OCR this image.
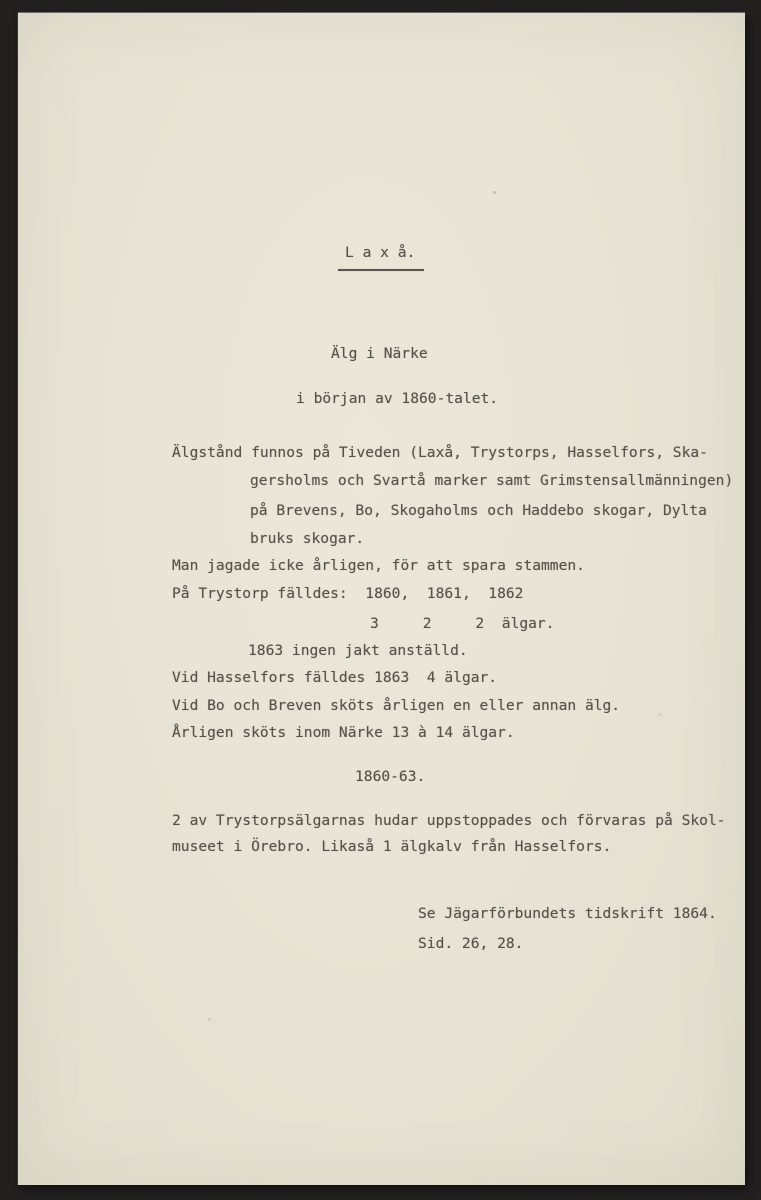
L a x å.
Älg i Närke
i början av 1860-talet.
Älgstånd funnos på Tiveden (Laxå, Trystorps, Hasselfors, Ska-
gersholms och Svartå marker samt Grimstensallmänningen)
på Brevens, Bo, Skogaholms och Haddebo skogar, Dylta
bruks skogar.
Man jagade icke årligen, för att spara stammen.
På Trystorp fälldes:  1860,  1861,  1862
3     2     2  älgar.
1863 ingen jakt anställd.
Vid Hasselfors fälldes 1863  4 älgar.
Vid Bo och Breven sköts årligen en eller annan älg.
Årligen sköts inom Närke 13 à 14 älgar.
1860-63.
2 av Trystorpsälgarnas hudar uppstoppades och förvaras på Skol-
museet i Örebro. Likaså 1 älgkalv från Hasselfors.
Se Jägarförbundets tidskrift 1864.
Sid. 26, 28.
